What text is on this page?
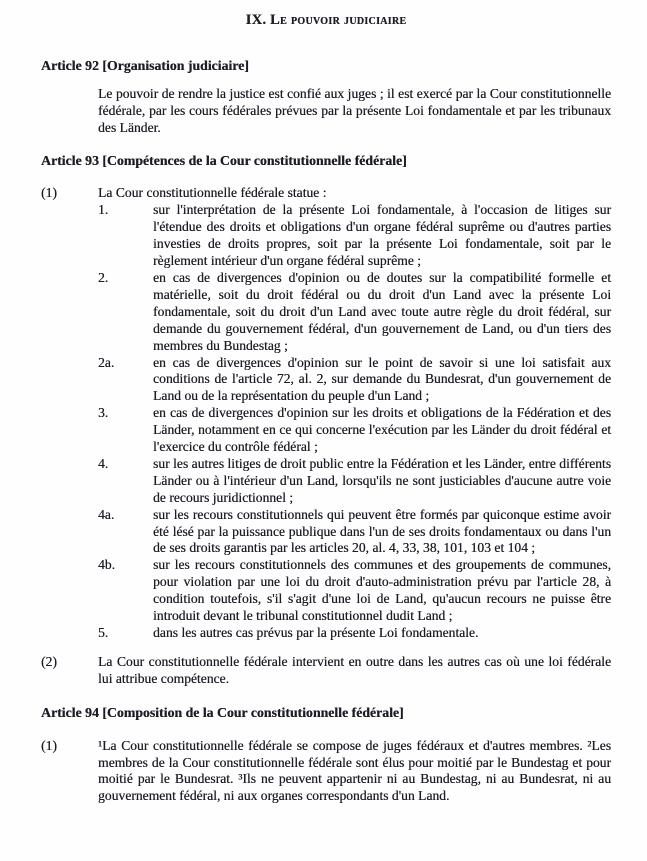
IX. Le pouvoir judiciaire
Article 92 [Organisation judiciaire]

Le pouvoir de rendre la justice est confié aux juges ; il est exercé par la Cour constitutionnelle fédérale, par les cours fédérales prévues par la présente Loi fondamentale et par les tribunaux des Länder.

Article 93 [Compétences de la Cour constitutionnelle fédérale]
(1)	La Cour constitutionnelle fédérale statue :

1.	sur l'interprétation de la présente Loi fondamentale, à l'occasion de litiges sur l'étendue des droits et obligations d'un organe fédéral suprême ou d'autres parties investies de droits propres, soit par la présente Loi fondamentale, soit par le règlement intérieur d'un organe fédéral suprême ;

2.	en cas de divergences d'opinion ou de doutes sur la compatibilité formelle et matérielle, soit du droit fédéral ou du droit d'un Land avec la présente Loi fondamentale, soit du droit d'un Land avec toute autre règle du droit fédéral, sur demande du gouvernement fédéral, d'un gouvernement de Land, ou d'un tiers des membres du Bundestag ;

2a.	en cas de divergences d'opinion sur le point de savoir si une loi satisfait aux conditions de l'article 72, al. 2, sur demande du Bundesrat, d'un gouvernement de Land ou de la représentation du peuple d'un Land ;

3.	en cas de divergences d'opinion sur les droits et obligations de la Fédération et des Länder, notamment en ce qui concerne l'exécution par les Länder du droit fédéral et l'exercice du contrôle fédéral ;

4.	sur les autres litiges de droit public entre la Fédération et les Länder, entre différents Länder ou à l'intérieur d'un Land, lorsqu'ils ne sont justiciables d'aucune autre voie de recours juridictionnel ;

4a.	sur les recours constitutionnels qui peuvent être formés par quiconque estime avoir été lésé par la puissance publique dans l'un de ses droits fondamentaux ou dans l'un de ses droits garantis par les articles 20, al. 4, 33, 38, 101, 103 et 104 ;

4b.	sur les recours constitutionnels des communes et des groupements de communes, pour violation par une loi du droit d'auto-administration prévu par l'article 28, à condition toutefois, s'il s'agit d'une loi de Land, qu'aucun recours ne puisse être introduit devant le tribunal constitutionnel dudit Land ;

5.	dans les autres cas prévus par la présente Loi fondamentale.

(2)	La Cour constitutionnelle fédérale intervient en outre dans les autres cas où une loi fédérale lui attribue compétence.

Article 94 [Composition de la Cour constitutionnelle fédérale]
(1)	¹La Cour constitutionnelle fédérale se compose de juges fédéraux et d'autres membres. ²Les membres de la Cour constitutionnelle fédérale sont élus pour moitié par le Bundestag et pour moitié par le Bundesrat. ³Ils ne peuvent appartenir ni au Bundestag, ni au Bundesrat, ni au gouvernement fédéral, ni aux organes correspondants d'un Land.
